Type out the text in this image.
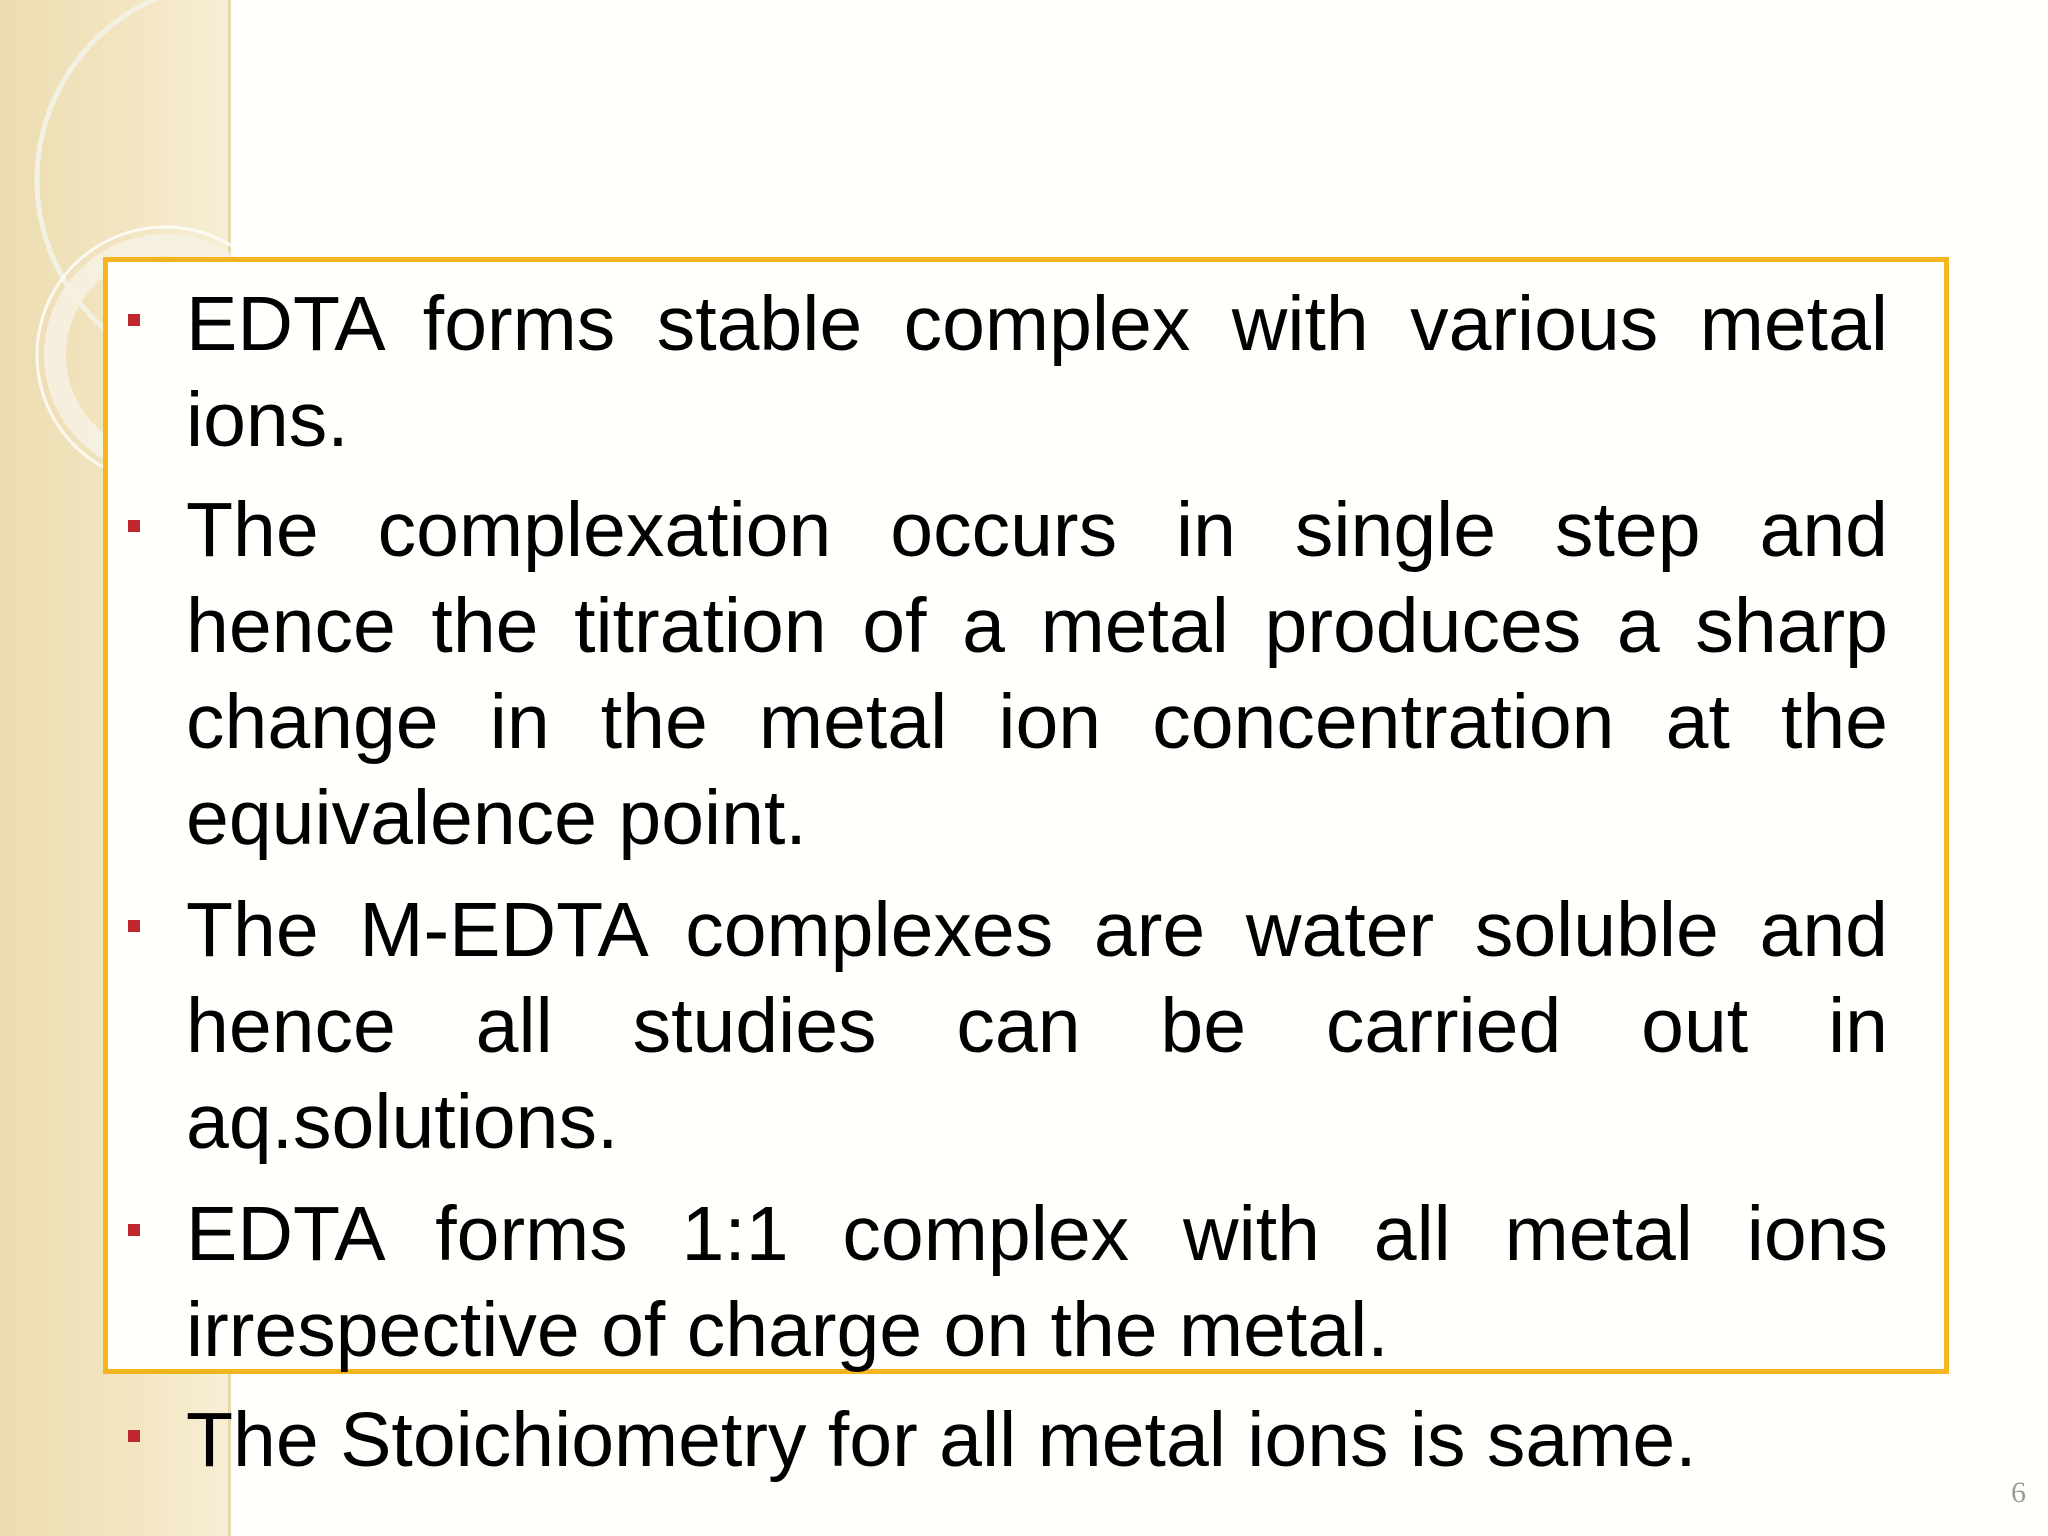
EDTA forms stable complex with various metal ions.

The complexation occurs in single step and hence the titration of a metal produces a sharp change in the metal ion concentration at the equivalence point.

The M-EDTA complexes are water soluble and hence all studies can be carried out in aq.solutions.

EDTA forms 1:1 complex with all metal ions irrespective of charge on the metal.

The Stoichiometry for all metal ions is same.

6
